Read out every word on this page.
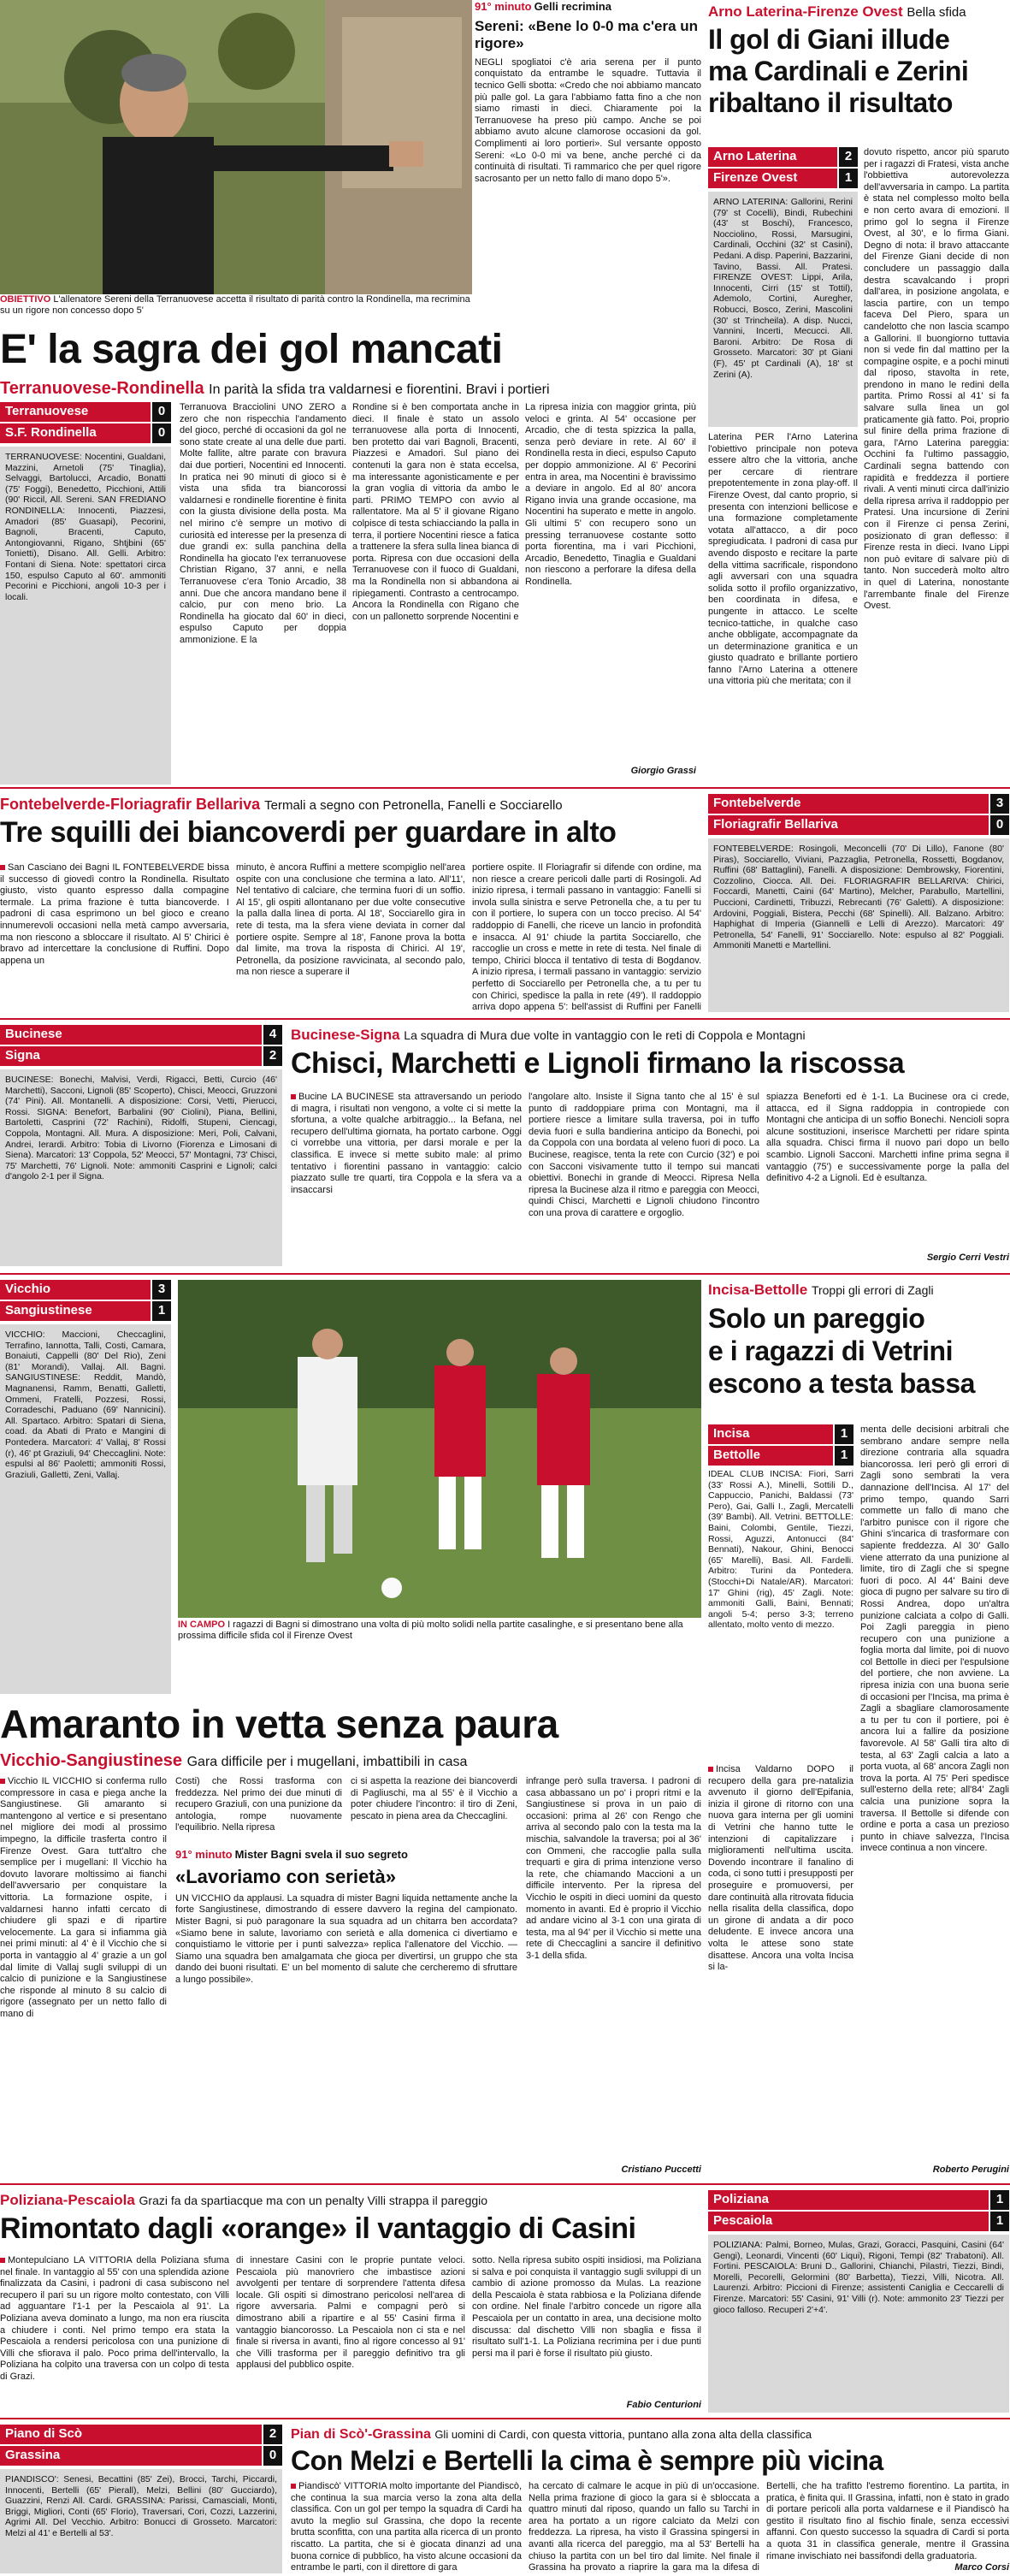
OBIETTIVO L'allenatore Sereni della Terranuovese accetta il risultato di parità contro la Rondinella, ma recrimina su un rigore non concesso dopo 5'
91° minuto Gelli recrimina
Sereni: «Bene lo 0-0 ma c'era un rigore»
NEGLI spogliatoi c'è aria serena per il punto conquistato da entrambe le squadre. Tuttavia il tecnico Gelli sbotta: «Credo che noi abbiamo mancato più palle gol. La gara l'abbiamo fatta fino a che non siamo rimasti in dieci. Chiaramente poi la Terranuovese ha preso più campo. Anche se poi abbiamo avuto alcune clamorose occasioni da gol. Complimenti ai loro portieri». Sul versante opposto Sereni: «Lo 0-0 mi va bene, anche perché ci da continuità di risultati. Ti rammarico che per quel rigore sacrosanto per un netto fallo di mano dopo 5'».
E' la sagra dei gol mancati
Terranuovese-Rondinella In parità la sfida tra valdarnesi e fiorentini. Bravi i portieri
Terranuovese	0
S.F. Rondinella	0
TERRANUOVESE: Nocentini, Gualdani, Mazzini, Arnetoli (75' Tinaglia), Selvaggi, Bartolucci, Arcadio, Bonatti (75' Foggi), Benedetto, Picchioni, Attili (90' Riccil, All. Sereni. SAN FREDIANO RONDINELLA: Innocenti, Piazzesi, Amadori (85' Guasapi), Pecorini, Bagnoli, Bracenti, Caputo, Antongiovanni, Rigano, Shtjbini (65' Tonietti), Disano. All. Gelli. Arbitro: Fontani di Siena. Note: spettatori circa 150, espulso Caputo al 60'. ammoniti Pecorini e Picchioni, angoli 10-3 per i locali.
Terranuova Bracciolini UNO ZERO a zero che non rispecchia l'andamento del gioco, perché di occasioni da gol ne sono state create al una delle due parti. Molte fallite, altre parate con bravura dai due portieri, Nocentini ed Innocenti. In pratica nei 90 minuti di gioco si è vista una sfida tra biancorossi valdarnesi e rondinelle fiorentine è finita con la giusta divisione della posta. Ma nel mirino c'è sempre un motivo di curiosità ed interesse per la presenza di due grandi ex: sulla panchina della Rondinella ha giocato l'ex terranuovese Christian Rigano, 37 anni, e nella Terranuovese c'era Tonio Arcadio, 38 anni. Due che ancora mandano bene il calcio, pur con meno brio. La Rondinella ha giocato dal 60' in dieci, espulso Caputo per doppia ammonizione. E la
Rondine si è ben comportata anche in dieci. Il finale è stato un assolo terranuovese alla porta di Innocenti, ben protetto dai vari Bagnoli, Bracenti, Piazzesi e Amadori. Sul piano dei contenuti la gara non è stata eccelsa, ma interessante agonisticamente e per la gran voglia di vittoria da ambo le parti. PRIMO TEMPO con avvio al rallentatore. Ma al 5' il giovane Rigano colpisce di testa schiacciando la palla in terra, il portiere Nocentini riesce a fatica a trattenere la sfera sulla linea bianca di porta. Ripresa con due occasioni della Terranuovese con il fuoco di Gualdani, ma la Rondinella non si abbandona ai ripiegamenti. Contrasto a centrocampo. Ancora la Rondinella con Rigano che con un pallonetto sorprende Nocentini e
La ripresa inizia con maggior grinta, più veloci e grinta. Al 54' occasione per Arcadio, che di testa spizzica la palla, senza però deviare in rete. Al 60' il Rondinella resta in dieci, espulso Caputo per doppio ammonizione. Al 6' Pecorini entra in area, ma Nocentini è bravissimo a deviare in angolo. Ed al 80' ancora Rigano invia una grande occasione, ma Nocentini ha superato e mette in angolo. Gli ultimi 5' con recupero sono un pressing terranuovese costante sotto porta fiorentina, ma i vari Picchioni, Arcadio, Benedetto, Tinaglia e Gualdani non riescono a perforare la difesa della Rondinella.
Giorgio Grassi
Arno Laterina-Firenze Ovest Bella sfida
Il gol di Giani illude
ma Cardinali e Zerini
ribaltano il risultato
Arno Laterina	2
Firenze Ovest	1
ARNO LATERINA: Gallorini, Rerini (79' st Cocelli), Bindi, Rubechini (43' st Boschi), Francesco, Nocciolino, Rossi, Marsugini, Cardinali, Occhini (32' st Casini), Pedani. A disp. Paperini, Bazzarini, Tavino, Bassi. All. Pratesi. FIRENZE OVEST: Lippi, Arila, Innocenti, Cirri (15' st Tottil), Ademolo, Cortini, Auregher, Robucci, Bosco, Zerini, Mascolini (30' st Trincheila). A disp. Nucci, Vannini, Incerti, Mecucci. All. Baroni. Arbitro: De Rosa di Grosseto. Marcatori: 30' pt Giani (F), 45' pt Cardinali (A), 18' st Zerini (A).
Laterina PER l'Arno Laterina l'obiettivo principale non poteva essere altro che la vittoria, anche per cercare di rientrare prepotentemente in zona play-off. Il Firenze Ovest, dal canto proprio, si presenta con intenzioni bellicose e una formazione completamente votata all'attacco, a dir poco spregiudicata. I padroni di casa pur avendo disposto e recitare la parte della vittima sacrificale, rispondono agli avversari con una squadra solida sotto il profilo organizzativo, ben coordinata in difesa, e pungente in attacco. Le scelte tecnico-tattiche, in qualche caso anche obbligate, accompagnate da un determinazione granitica e un giusto quadrato e brillante portiero fanno l'Arno Laterina a ottenere una vittoria più che meritata; con il
dovuto rispetto, ancor più sparuto per i ragazzi di Fratesi, vista anche l'obbiettiva autorevolezza dell'avversaria in campo. La partita è stata nel complesso molto bella e non certo avara di emozioni. Il primo gol lo segna il Firenze Ovest, al 30', e lo firma Giani. Degno di nota: il bravo attaccante del Firenze Giani decide di non concludere un passaggio dalla destra scavalcando i propri dall'area, in posizione angolata, e lascia partire, con un tempo faceva Del Piero, spara un candelotto che non lascia scampo a Gallorini. Il buongiorno tuttavia non si vede fin dal mattino per la compagine ospite, e a pochi minuti dal riposo, stavolta in rete, prendono in mano le redini della partita. Primo Rossi al 41' si fa salvare sulla linea un gol praticamente già fatto. Poi, proprio sul finire della prima frazione di gara, l'Arno Laterina pareggia: Occhini fa l'ultimo passaggio, Cardinali segna battendo con rapidità e freddezza il portiere rivali. A venti minuti circa dall'inizio della ripresa arriva il raddoppio per Pratesi. Una incursione di Zerini con il Firenze ci pensa Zerini, posizionato di gran deflesso: il Firenze resta in dieci. Ivano Lippi non può evitare di salvare più di tanto. Non succederà molto altro in quel di Laterina, nonostante l'arrembante finale del Firenze Ovest.
Fontebelverde-Floriagrafir Bellariva Termali a segno con Petronella, Fanelli e Socciarello
Tre squilli dei biancoverdi per guardare in alto
San Casciano dei Bagni IL FONTEBELVERDE bissa il successo di giovedì contro la Rondinella. Risultato giusto, visto quanto espresso dalla compagine termale. La prima frazione è tutta biancoverde. I padroni di casa esprimono un bel gioco e creano innumerevoli occasioni nella metà campo avversaria, ma non riescono a sbloccare il risultato. Al 5' Chirici è bravo ad intercettare la conclusione di Ruffini. Dopo appena un
minuto, è ancora Ruffini a mettere scompiglio nell'area ospite con una conclusione che termina a lato. All'11', Nel tentativo di calciare, che termina fuori di un soffio. Al 15', gli ospiti allontanano per due volte consecutive la palla dalla linea di porta. Al 18', Socciarello gira in rete di testa, ma la sfera viene deviata in corner dal portiere ospite. Sempre al 18', Fanone prova la botta dal limite, ma trova la risposta di Chirici. Al 19', Petronella, da posizione ravvicinata, al secondo palo, ma non riesce a superare il
portiere ospite. Il Floriagrafir si difende con ordine, ma non riesce a creare pericoli dalle parti di Rosingoli. Ad inizio ripresa, i termali passano in vantaggio: Fanelli si invola sulla sinistra e serve Petronella che, a tu per tu con il portiere, lo supera con un tocco preciso. Al 54' raddoppio di Fanelli, che riceve un lancio in profondità e insacca. Al 91' chiude la partita Socciarello, che raccoglie un cross e mette in rete di testa. Nel finale di tempo, Chirici blocca il tentativo di testa di Bogdanov. A inizio ripresa, i termali passano in vantaggio: servizio perfetto di Socciarello per Petronella che, a tu per tu con Chirici, spedisce la palla in rete (49'). Il raddoppio arriva dopo appena 5': bell'assist di Ruffini per Fanelli
Fontebelverde	3
Floriagrafir Bellariva	0
FONTEBELVERDE: Rosingoli, Meconcelli (70' Di Lillo), Fanone (80' Piras), Socciarello, Viviani, Pazzaglia, Petronella, Rossetti, Bogdanov, Ruffini (68' Battaglini), Fanelli. A disposizione: Dembrowsky, Fiorentini, Cozzolino, Ciocca. All. Dei. FLORIAGRAFIR BELLARIVA: Chirici, Foccardi, Manetti, Caini (64' Martino), Melcher, Parabullo, Martellini, Puccioni, Cardinetti, Tribuzzi, Rebrecanti (76' Galetti). A disposizione: Ardovini, Poggiali, Bistera, Pecchi (68' Spinelli). All. Balzano. Arbitro: Haphighat di Imperia (Giannelli e Lelli di Arezzo). Marcatori: 49' Petronella, 54' Fanelli, 91' Socciarello. Note: espulso al 82' Poggiali. Ammoniti Manetti e Martellini.
Bucinese	4
Signa	2
BUCINESE: Bonechi, Malvisi, Verdi, Rigacci, Betti, Curcio (46' Marchetti), Sacconi, Lignoli (85' Scoperto), Chisci, Meocci, Gruzzoni (74' Pini). All. Montanelli. A disposizione: Corsi, Vetti, Pierucci, Rossi. SIGNA: Benefort, Barbalini (90' Ciolini), Piana, Bellini, Bartoletti, Casprini (72' Rachini), Ridolfi, Stupeni, Ciencagi, Coppola, Montagni. All. Mura. A disposizione: Meri, Poli, Calvani, Andrei, Ierardi. Arbitro: Tobia di Livorno (Fiorenza e Limosani di Siena). Marcatori: 13' Coppola, 52' Meocci, 57' Montagni, 73' Chisci, 75' Marchetti, 76' Lignoli. Note: ammoniti Casprini e Lignoli; calci d'angolo 2-1 per il Signa.
Bucinese-Signa La squadra di Mura due volte in vantaggio con le reti di Coppola e Montagni
Chisci, Marchetti e Lignoli firmano la riscossa
Bucine LA BUCINESE sta attraversando un periodo di magra, i risultati non vengono, a volte ci si mette la sfortuna, a volte qualche arbitraggio... la Befana, nel recupero dell'ultima giornata, ha portato carbone. Oggi ci vorrebbe una vittoria, per darsi morale e per la classifica. E invece si mette subito male: al primo tentativo i fiorentini passano in vantaggio: calcio piazzato sulle tre quarti, tira Coppola e la sfera va a insaccarsi
l'angolare alto. Insiste il Signa tanto che al 15' è sul punto di raddoppiare prima con Montagni, ma il portiere riesce a limitare sulla traversa, poi in tuffo devia fuori e sulla bandierina anticipo da Bonechi, poi da Coppola con una bordata al veleno fuori di poco. La Bucinese, reagisce, tenta la rete con Curcio (32') e poi con Sacconi visivamente tutto il tempo sui mancati obiettivi. Bonechi in grande di Meocci. Ripresa Nella ripresa la Bucinese alza il ritmo e pareggia con Meocci, quindi Chisci, Marchetti e Lignoli chiudono l'incontro con una prova di carattere e orgoglio.
spiazza Beneforti ed è 1-1. La Bucinese ora ci crede, attacca, ed il Signa raddoppia in contropiede con Montagni che anticipa di un soffio Bonechi. Nencioli sopra alcune sostituzioni, inserisce Marchetti per ridare spinta alla squadra. Chisci firma il nuovo pari dopo un bello scambio. Lignoli Sacconi. Marchetti infine prima segna il vantaggio (75') e successivamente porge la palla del definitivo 4-2 a Lignoli. Ed è esultanza.
Sergio Cerri Vestri
Vicchio	3
Sangiustinese	1
VICCHIO: Maccioni, Checcaglini, Terrafino, Iannotta, Talli, Costi, Camara, Bonaiuti, Cappelli (80' Del Rio), Zeni (81' Morandi), Vallaj. All. Bagni. SANGIUSTINESE: Reddit, Mandò, Magnanensi, Ramm, Benatti, Galletti, Ommeni, Fratelli, Pozzesi, Rossi, Corradeschi, Paduano (69' Nannicini). All. Spartaco. Arbitro: Spatari di Siena, coad. da Abati di Prato e Mangini di Pontedera. Marcatori: 4' Vallaj, 8' Rossi (r), 46' pt Graziuli, 94' Checcaglini. Note: espulsi al 86' Paoletti; ammoniti Rossi, Graziuli, Galletti, Zeni, Vallaj.
IN CAMPO I ragazzi di Bagni si dimostrano una volta di più molto solidi nella partite casalinghe, e si presentano bene alla prossima difficile sfida col il Firenze Ovest
Amaranto in vetta senza paura
Vicchio-Sangiustinese Gara difficile per i mugellani, imbattibili in casa
Vicchio IL VICCHIO si conferma rullo compressore in casa e piega anche la Sangiustinese. Gli amaranto si mantengono al vertice e si presentano nel migliore dei modi al prossimo impegno, la difficile trasferta contro il Firenze Ovest. Gara tutt'altro che semplice per i mugellani: Il Vicchio ha dovuto lavorare moltissimo ai fianchi dell'avversario per conquistare la vittoria. La formazione ospite, i valdarnesi hanno infatti cercato di chiudere gli spazi e di ripartire velocemente. La gara si infiamma già nei primi minuti: al 4' è il Vicchio che si porta in vantaggio al 4' grazie a un gol dal limite di Vallaj sugli sviluppi di un calcio di punizione e la Sangiustinese che risponde al minuto 8 su calcio di rigore (assegnato per un netto fallo di mano di
Costi) che Rossi trasforma con freddezza. Nel primo dei due minuti di recupero Graziuli, con una punizione da antologia, rompe nuovamente l'equilibrio. Nella ripresa
ci si aspetta la reazione dei biancoverdi di Pagliuschi, ma al 55' è il Vicchio a poter chiudere l'incontro: il tiro di Zeni, pescato in piena area da Checcaglini.
91° minuto Mister Bagni svela il suo segreto
«Lavoriamo con serietà»
UN VICCHIO da applausi. La squadra di mister Bagni liquida nettamente anche la forte Sangiustinese, dimostrando di essere davvero la regina del campionato. Mister Bagni, si può paragonare la sua squadra ad un chitarra ben accordata? «Siamo bene in salute, lavoriamo con serietà e alla domenica ci divertiamo e conquistiamo le vittorie per i punti salvezza» replica l'allenatore del Vicchio. — Siamo una squadra ben amalgamata che gioca per divertirsi, un gruppo che sta dando dei buoni risultati. E' un bel momento di salute che cercheremo di sfruttare a lungo possibile».
infrange però sulla traversa. I padroni di casa abbassano un po' i propri ritmi e la Sangiustinese si prova in un paio di occasioni: prima al 26' con Rengo che arriva al secondo palo con la testa ma la mischia, salvandole la traversa; poi al 36' con Ommeni, che raccoglie palla sulla trequarti e gira di prima intenzione verso la rete, che chiamando Maccioni a un difficile intervento. Per la ripresa del Vicchio le ospiti in dieci uomini da questo momento in avanti. Ed è proprio il Vicchio ad andare vicino al 3-1 con una girata di testa, ma al 94' per il Vicchio si mette una rete di Checcaglini a sancire il definitivo 3-1 della sfida.
Cristiano Puccetti
Incisa-Bettolle Troppi gli errori di Zagli
Solo un pareggio
e i ragazzi di Vetrini
escono a testa bassa
Incisa	1
Bettolle	1
IDEAL CLUB INCISA: Fiori, Sarri (33' Rossi A.), Minelli, Sottili D., Cappuccio, Panichi, Baldassi (73' Pero), Gai, Galli I., Zagli, Mercatelli (39' Bambi). All. Vetrini. BETTOLLE: Baini, Colombi, Gentile, Tiezzi, Rossi, Aguzzi, Antonucci (84' Bennati), Nakour, Ghini, Benocci (65' Marelli), Basi. All. Fardelli. Arbitro: Turini da Pontedera. (Stocchi+Di Natale/AR). Marcatori: 17' Ghini (rig), 45' Zagli. Note: ammoniti Galli, Baini, Bennati; angoli 5-4; perso 3-3; terreno allentato, molto vento di mezzo.
Incisa Valdarno DOPO il recupero della gara pre-natalizia avvenuto il giorno dell'Epifania, inizia il girone di ritorno con una nuova gara interna per gli uomini di Vetrini che hanno tutte le intenzioni di capitalizzare i miglioramenti nell'ultima uscita. Dovendo incontrare il fanalino di coda, ci sono tutti i presupposti per proseguire e promuoversi, per dare continuità alla ritrovata fiducia nella risalita della classifica, dopo un girone di andata a dir poco deludente. E invece ancora una volta le attese sono state disattese. Ancora una volta Incisa si la-
menta delle decisioni arbitrali che sembrano andare sempre nella direzione contraria alla squadra biancorossa. Ieri però gli errori di Zagli sono sembrati la vera dannazione dell'Incisa. Al 17' del primo tempo, quando Sarri commette un fallo di mano che l'arbitro punisce con il rigore che Ghini s'incarica di trasformare con sapiente freddezza. Al 30' Gallo viene atterrato da una punizione al limite, tiro di Zagli che si spegne fuori di poco. Al 44' Baini deve gioca di pugno per salvare su tiro di Rossi Andrea, dopo un'altra punizione calciata a colpo di Galli. Poi Zagli pareggia in pieno recupero con una punizione a foglia morta dal limite, poi di nuovo col Bettolle in dieci per l'espulsione del portiere, che non avviene. La ripresa inizia con una buona serie di occasioni per l'Incisa, ma prima è Zagli a sbagliare clamorosamente a tu per tu con il portiere, poi è ancora lui a fallire da posizione favorevole. Al 58' Galli tira alto di testa, al 63' Zagli calcia a lato a porta vuota, al 68' ancora Zagli non trova la porta. Al 75' Peri spedisce sull'esterno della rete; all'84' Zagli calcia una punizione sopra la traversa. Il Bettolle si difende con ordine e porta a casa un prezioso punto in chiave salvezza, l'Incisa invece continua a non vincere.
Roberto Perugini
Poliziana-Pescaiola Grazi fa da spartiacque ma con un penalty Villi strappa il pareggio
Rimontato dagli «orange» il vantaggio di Casini
Montepulciano LA VITTORIA della Poliziana sfuma nel finale. In vantaggio al 55' con una splendida azione finalizzata da Casini, i padroni di casa subiscono nel recupero il pari su un rigore molto contestato, con Villi ad agguantare l'1-1 per la Pescaiola al 91'. La Poliziana aveva dominato a lungo, ma non era riuscita a chiudere i conti. Nel primo tempo era stata la Pescaiola a rendersi pericolosa con una punizione di Villi che sfiorava il palo. Poco prima dell'intervallo, la Poliziana ha colpito una traversa con un colpo di testa di Grazi.
di innestare Casini con le proprie puntate veloci. Pescaiola più manovriero che imbastisce azioni avvolgenti per tentare di sorprendere l'attenta difesa locale. Gli ospiti si dimostrano pericolosi nell'area di rigore avversaria. Palmi e compagni però si dimostrano abili a ripartire e al 55' Casini firma il vantaggio biancorosso. La Pescaiola non ci sta e nel finale si riversa in avanti, fino al rigore concesso al 91' che Villi trasforma per il pareggio definitivo tra gli applausi del pubblico ospite.
sotto. Nella ripresa subito ospiti insidiosi, ma Poliziana si salva e poi conquista il vantaggio sugli sviluppi di un cambio di azione promosso da Mulas. La reazione della Pescaiola è stata rabbiosa e la Poliziana difende con ordine. Nel finale l'arbitro concede un rigore alla Pescaiola per un contatto in area, una decisione molto discussa: dal dischetto Villi non sbaglia e fissa il risultato sull'1-1. La Poliziana recrimina per i due punti persi ma il pari è forse il risultato più giusto.
Fabio Centurioni
Poliziana	1
Pescaiola	1
POLIZIANA: Palmi, Borneo, Mulas, Grazi, Goracci, Pasquini, Casini (64' Gengi), Leonardi, Vincenti (60' Liqui), Rigoni, Tempi (82' Trabatoni). All. Fortini. PESCAIOLA: Bruni D., Gallorini, Chianchi, Pilastri, Tiezzi, Bindi, Morelli, Pecorelli, Gelormini (80' Barbetta), Tiezzi, Villi, Nicotra. All. Laurenzi. Arbitro: Piccioni di Firenze; assistenti Caniglia e Ceccarelli di Firenze. Marcatori: 55' Casini, 91' Villi (r). Note: ammonito 23' Tiezzi per gioco falloso. Recuperi 2'+4'.
Piano di Scò	2
Grassina	0
PIANDISCO': Senesi, Becattini (85' Zei), Brocci, Tarchi, Piccardi, Innocenti, Bertelli (65' Pierall), Melzi, Bellini (80' Gucciardo), Guazzini, Renzi All. Cardi. GRASSINA: Parissi, Camasciali, Monti, Briggi, Migliori, Conti (65' Florio), Traversari, Cori, Cozzi, Lazzerini, Agrimi All. Del Vecchio. Arbitro: Bonucci di Grosseto. Marcatori: Melzi al 41' e Bertelli al 53'.
Pian di Scò'-Grassina Gli uomini di Cardi, con questa vittoria, puntano alla zona alta della classifica
Con Melzi e Bertelli la cima è sempre più vicina
Piandiscò' VITTORIA molto importante del Piandiscò, che continua la sua marcia verso la zona alta della classifica. Con un gol per tempo la squadra di Cardi ha avuto la meglio sul Grassina, che dopo la recente brutta sconfitta, con una partita alla ricerca di un pronto riscatto. La partita, che si è giocata dinanzi ad una buona cornice di pubblico, ha visto alcune occasioni da entrambe le parti, con il direttore di gara
ha cercato di calmare le acque in più di un'occasione. Nella prima frazione di gioco la gara si è sbloccata a quattro minuti dal riposo, quando un fallo su Tarchi in area ha portato a un rigore calciato da Melzi con freddezza. La ripresa, ha visto il Grassina spingersi in avanti alla ricerca del pareggio, ma al 53' Bertelli ha chiuso la partita con un bel tiro dal limite. Nel finale il Grassina ha provato a riaprire la gara ma la difesa di
Bertelli, che ha trafitto l'estremo fiorentino. La partita, in pratica, è finita qui. Il Grassina, infatti, non è stato in grado di portare pericoli alla porta valdarnese e il Piandiscò ha gestito il risultato fino al fischio finale, senza eccessivi affanni. Con questo successo la squadra di Cardi si porta a quota 31 in classifica generale, mentre il Grassina rimane invischiato nei bassifondi della graduatoria.
Marco Corsi
